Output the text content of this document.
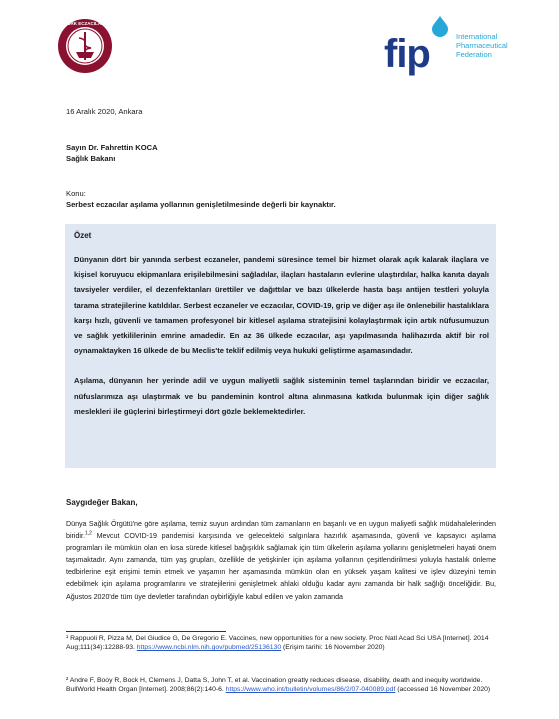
TÜRK ECZACILARI
fip	International
Pharmaceutical
Federation
16 Aralık 2020, Ankara
Sayın Dr. Fahrettin KOCA
Sağlık Bakanı
Konu:
Serbest eczacılar aşılama yollarının genişletilmesinde değerli bir kaynaktır.
Özet

Dünyanın dört bir yanında serbest eczaneler, pandemi süresince temel bir hizmet olarak açık kalarak ilaçlara ve kişisel koruyucu ekipmanlara erişilebilmesini sağladılar, ilaçları hastaların evlerine ulaştırdılar, halka kanıta dayalı tavsiyeler verdiler, el dezenfektanları ürettiler ve dağıttılar ve bazı ülkelerde hasta başı antijen testleri yoluyla tarama stratejilerine katıldılar. Serbest eczaneler ve eczacılar, COVID-19, grip ve diğer aşı ile önlenebilir hastalıklara karşı hızlı, güvenli ve tamamen profesyonel bir kitlesel aşılama stratejisini kolaylaştırmak için artık nüfusumuzun ve sağlık yetkililerinin emrine amadedir. En az 36 ülkede eczacılar, aşı yapılmasında halihazırda aktif bir rol oynamaktayken 16 ülkede de bu Meclis'te teklif edilmiş veya hukuki geliştirme aşamasındadır.

Aşılama, dünyanın her yerinde adil ve uygun maliyetli sağlık sisteminin temel taşlarından biridir ve eczacılar, nüfuslarımıza aşı ulaştırmak ve bu pandeminin kontrol altına alınmasına katkıda bulunmak için diğer sağlık meslekleri ile güçlerini birleştirmeyi dört gözle beklemektedirler.

Saygıdeğer Bakan,
Dünya Sağlık Örgütü'ne göre aşılama, temiz suyun ardından tüm zamanların en başarılı ve en uygun maliyetli sağlık müdahalelerinden biridir.$^{1,2}$ Mevcut COVID-19 pandemisi karşısında ve gelecekteki salgınlara hazırlık aşamasında, güvenli ve kapsayıcı aşılama programları ile mümkün olan en kısa sürede kitlesel bağışıklık sağlamak için tüm ülkelerin aşılama yollarını genişletmeleri hayati önem taşımaktadır. Aynı zamanda, tüm yaş grupları, özellikle de yetişkinler için aşılama yollarının çeşitlendirilmesi yoluyla hastalık önleme tedbirlerine eşit erişimi temin etmek ve yaşamın her aşamasında mümkün olan en yüksek yaşam kalitesi ve işlev düzeyini temin edebilmek için aşılama programlarını ve stratejilerini genişletmek ahlaki olduğu kadar aynı zamanda bir halk sağlığı önceliğidir. Bu, Ağustos 2020'de tüm üye devletler tarafından oybirliğiyle kabul edilen ve yakın zamanda
¹ Rappuoli R, Pizza M, Del Giudice G, De Gregorio E. Vaccines, new opportunities for a new society. Proc Natl Acad Sci USA [Internet]. 2014 Aug;111(34):12288-93. https://www.ncbi.nlm.nih.gov/pubmed/25136130 (Erişim tarihi: 16 November 2020)
² Andre F, Booy R, Bock H, Clemens J, Datta S, John T, et al. Vaccination greatly reduces disease, disability, death and inequity worldwide. BullWorld Health Organ [Internet]. 2008;86(2):140-6. https://www.who.int/bulletin/volumes/86/2/07-040089.pdf (accessed 16 November 2020)
